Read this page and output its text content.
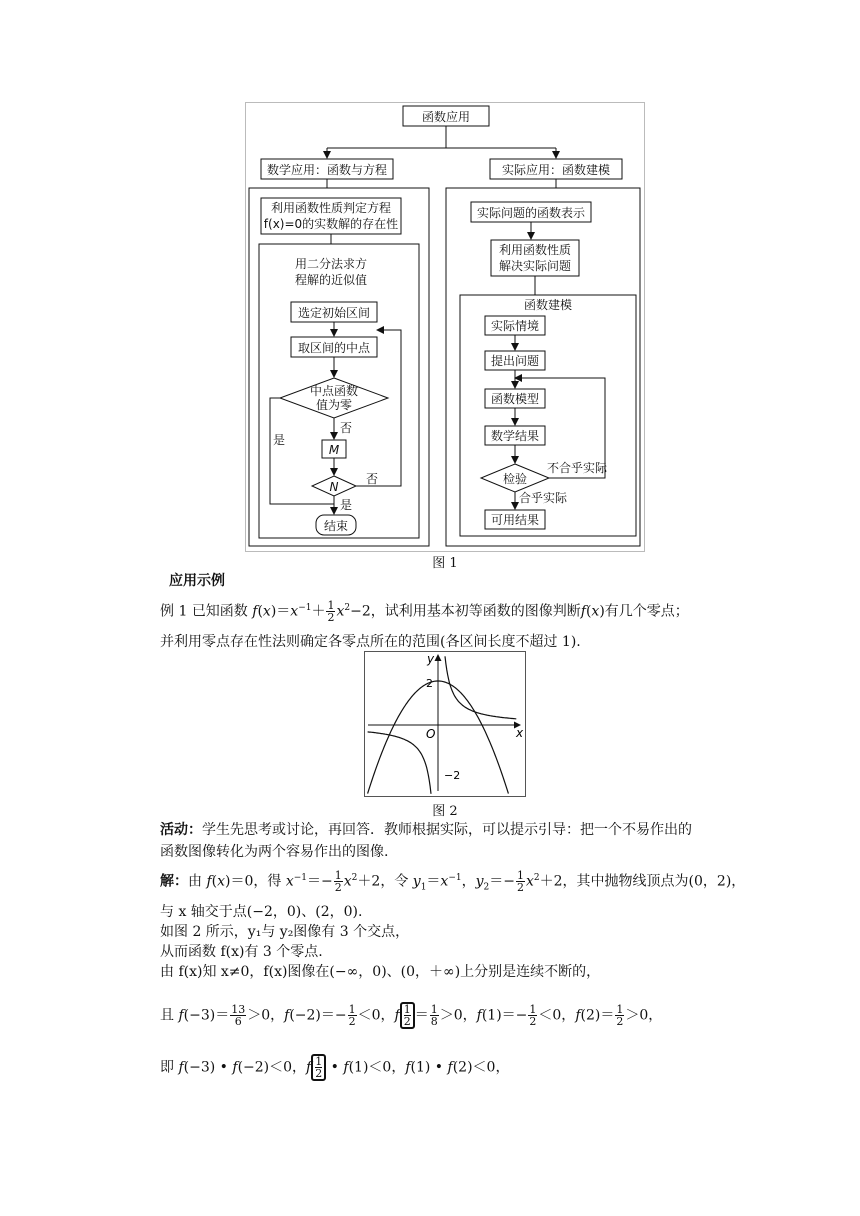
函数应用
数学应用：函数与方程	实际应用：函数建模
利用函数性质判定方程
f(x)=0的实数解的存在性
用二分法求方
程解的近似值
选定初始区间
取区间的中点
中点函数
值为零
否
M
N
否
是
是
结束
实际问题的函数表示
利用函数性质
解决实际问题
函数建模
实际情境
提出问题
函数模型
数学结果
检验
不合乎实际
合乎实际
可用结果
图 1
应用示例
例 1 已知函数 $f(x)=x^{-1}+ \frac{1}{2} x^2-2$，试利用基本初等函数的图像判断f(x)有几个零点；
并利用零点存在性法则确定各零点所在的范围(各区间长度不超过 1).
y
x
O
2
−2
图 2
活动：学生先思考或讨论，再回答．教师根据实际，可以提示引导：把一个不易作出的
函数图像转化为两个容易作出的图像.
解：由 f(x)＝0，得 $x^{-1}=- \frac{1}{2} x^2+2$，令 $y_1=x^{-1}$，$y_2=- \frac{1}{2} x^2+2$，其中抛物线顶点为(0，2)，
与 x 轴交于点(−2，0)、(2，0).
如图 2 所示，y₁与 y₂图像有 3 个交点，
从而函数 f(x)有 3 个零点.
由 f(x)知 x≠0，f(x)图像在(−∞，0)、(0，＋∞)上分别是连续不断的，
且 $f(-3)= \frac{13}{6} >0$，$f(-2)=- \frac{1}{2} <0$，f $\frac{1}{2} = \frac{1}{8} >0$，$f(1)=- \frac{1}{2} <0$，$f(2)= \frac{1}{2} >0$，
即 f(−3) • f(−2)＜0，f $\frac{1}{2}$ • f(1)＜0，f(1) • f(2)＜0，
